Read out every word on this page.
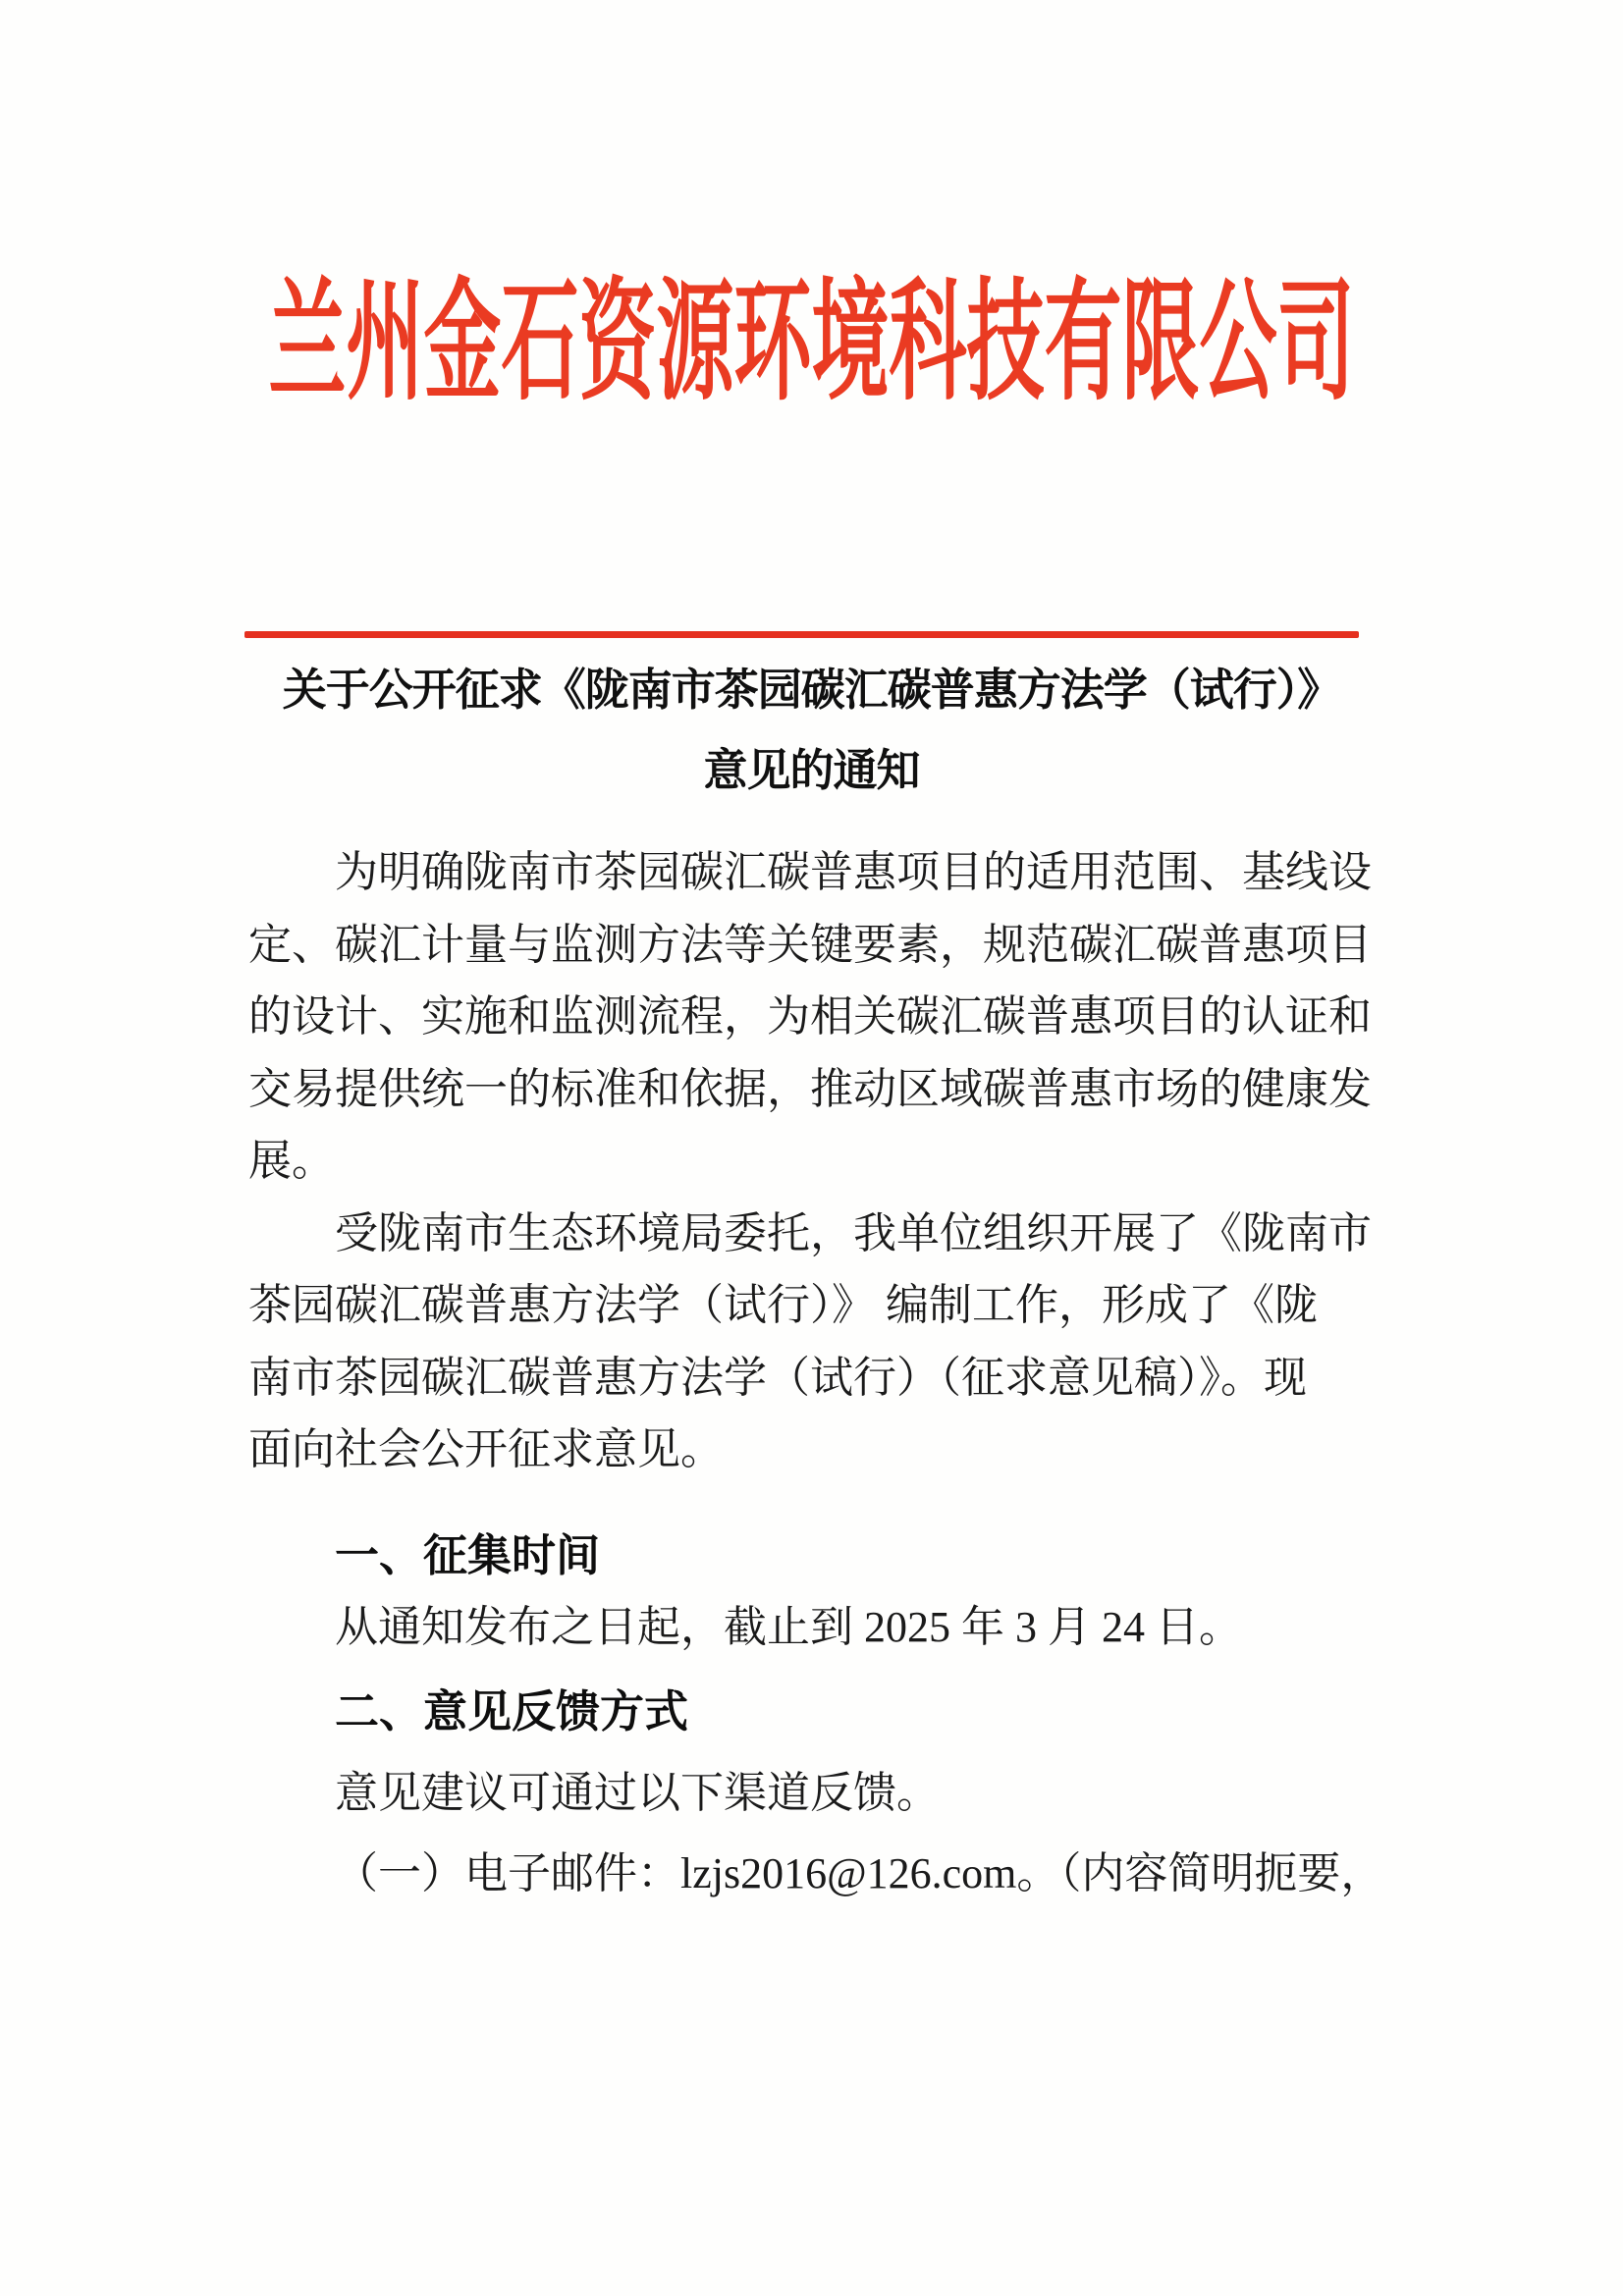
兰州金石资源环境科技有限公司
关于公开征求《陇南市茶园碳汇碳普惠方法学（试行）》
意见的通知
为明确陇南市茶园碳汇碳普惠项目的适用范围、基线设
定、碳汇计量与监测方法等关键要素，规范碳汇碳普惠项目
的设计、实施和监测流程，为相关碳汇碳普惠项目的认证和
交易提供统一的标准和依据，推动区域碳普惠市场的健康发
展。
受陇南市生态环境局委托，我单位组织开展了《陇南市
茶园碳汇碳普惠方法学（试行）》 编制工作，形成了《陇
南市茶园碳汇碳普惠方法学（试行）（征求意见稿）》。现
面向社会公开征求意见。
一、征集时间
从通知发布之日起，截止到 2025 年 3 月 24 日。
二、意见反馈方式
意见建议可通过以下渠道反馈。
（一）电子邮件：lzjs2016@126.com。（内容简明扼要，
